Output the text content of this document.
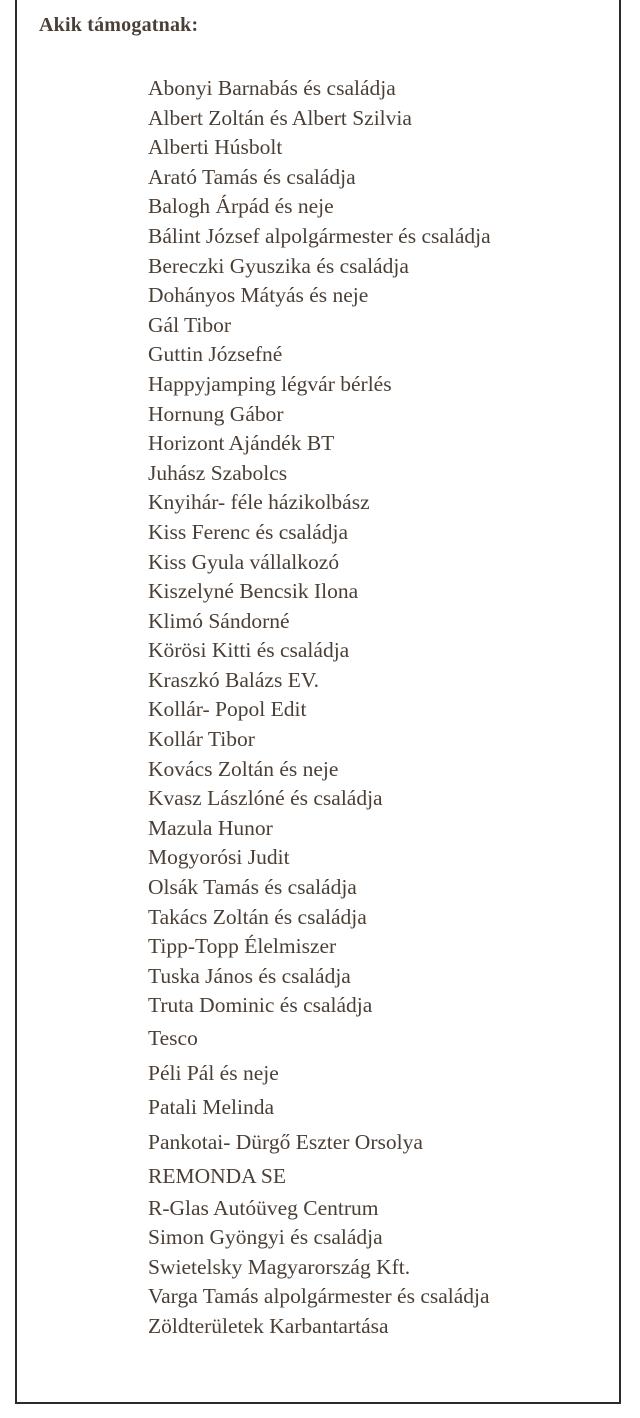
Akik támogatnak:
Abonyi Barnabás és családja
Albert Zoltán és Albert Szilvia
Alberti Húsbolt
Arató Tamás és családja
Balogh Árpád és neje
Bálint József alpolgármester és családja
Bereczki Gyuszika és családja
Dohányos Mátyás és neje
Gál Tibor
Guttin Józsefné
Happyjamping légvár bérlés
Hornung Gábor
Horizont Ajándék BT
Juhász Szabolcs
Knyihár- féle házikolbász
Kiss Ferenc és családja
Kiss Gyula vállalkozó
Kiszelyné Bencsik Ilona
Klimó Sándorné
Körösi Kitti és családja
Kraszkó Balázs EV.
Kollár- Popol Edit
Kollár Tibor
Kovács Zoltán és neje
Kvasz Lászlóné és családja
Mazula Hunor
Mogyorósi Judit
Olsák Tamás és családja
Takács Zoltán és családja
Tipp-Topp Élelmiszer
Tuska János és családja
Truta Dominic és családja
Tesco
Péli Pál és neje
Patali Melinda
Pankotai- Dürgő Eszter Orsolya
REMONDA SE
R-Glas Autóüveg Centrum
Simon Gyöngyi és családja
Swietelsky Magyarország Kft.
Varga Tamás alpolgármester és családja
Zöldterületek Karbantartása
